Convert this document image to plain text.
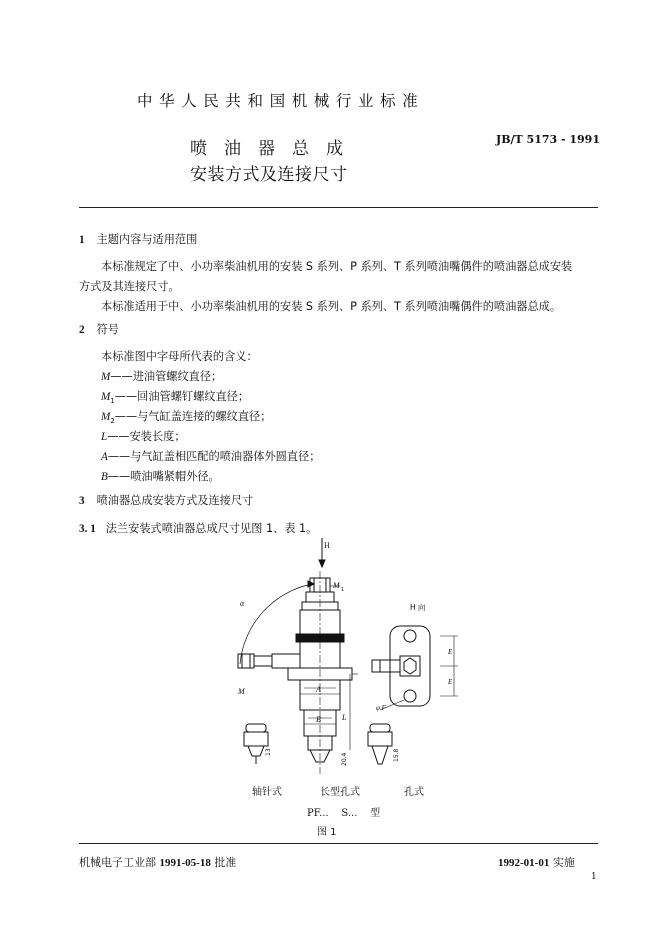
中华人民共和国机械行业标准
喷油器总成
安装方式及连接尺寸
JB/T 5173 - 1991
1 主题内容与适用范围
本标准规定了中、小功率柴油机用的安装 S 系列、P 系列、T 系列喷油嘴偶件的喷油器总成安装
方式及其连接尺寸。
本标准适用于中、小功率柴油机用的安装 S 系列、P 系列、T 系列喷油嘴偶件的喷油器总成。
2 符号
本标准图中字母所代表的含义：
M——进油管螺纹直径；
$M_1——$回油管螺钉螺纹直径；
$M_2——$与气缸盖连接的螺纹直径；
L——安装长度；
A——与气缸盖相匹配的喷油器体外圆直径；
B——喷油嘴紧帽外径。
3 喷油器总成安装方式及连接尺寸
3. 1 法兰安装式喷油器总成尺寸见图 1、表 1。
H
α
M 1
M	A
B	L
13	15.8
20.4
H 向
E
E
φ F
轴针式	长型孔式	孔式
PF...    S...    型
图 1
机械电子工业部 1991-05-18 批准	1992-01-01 实施
1
